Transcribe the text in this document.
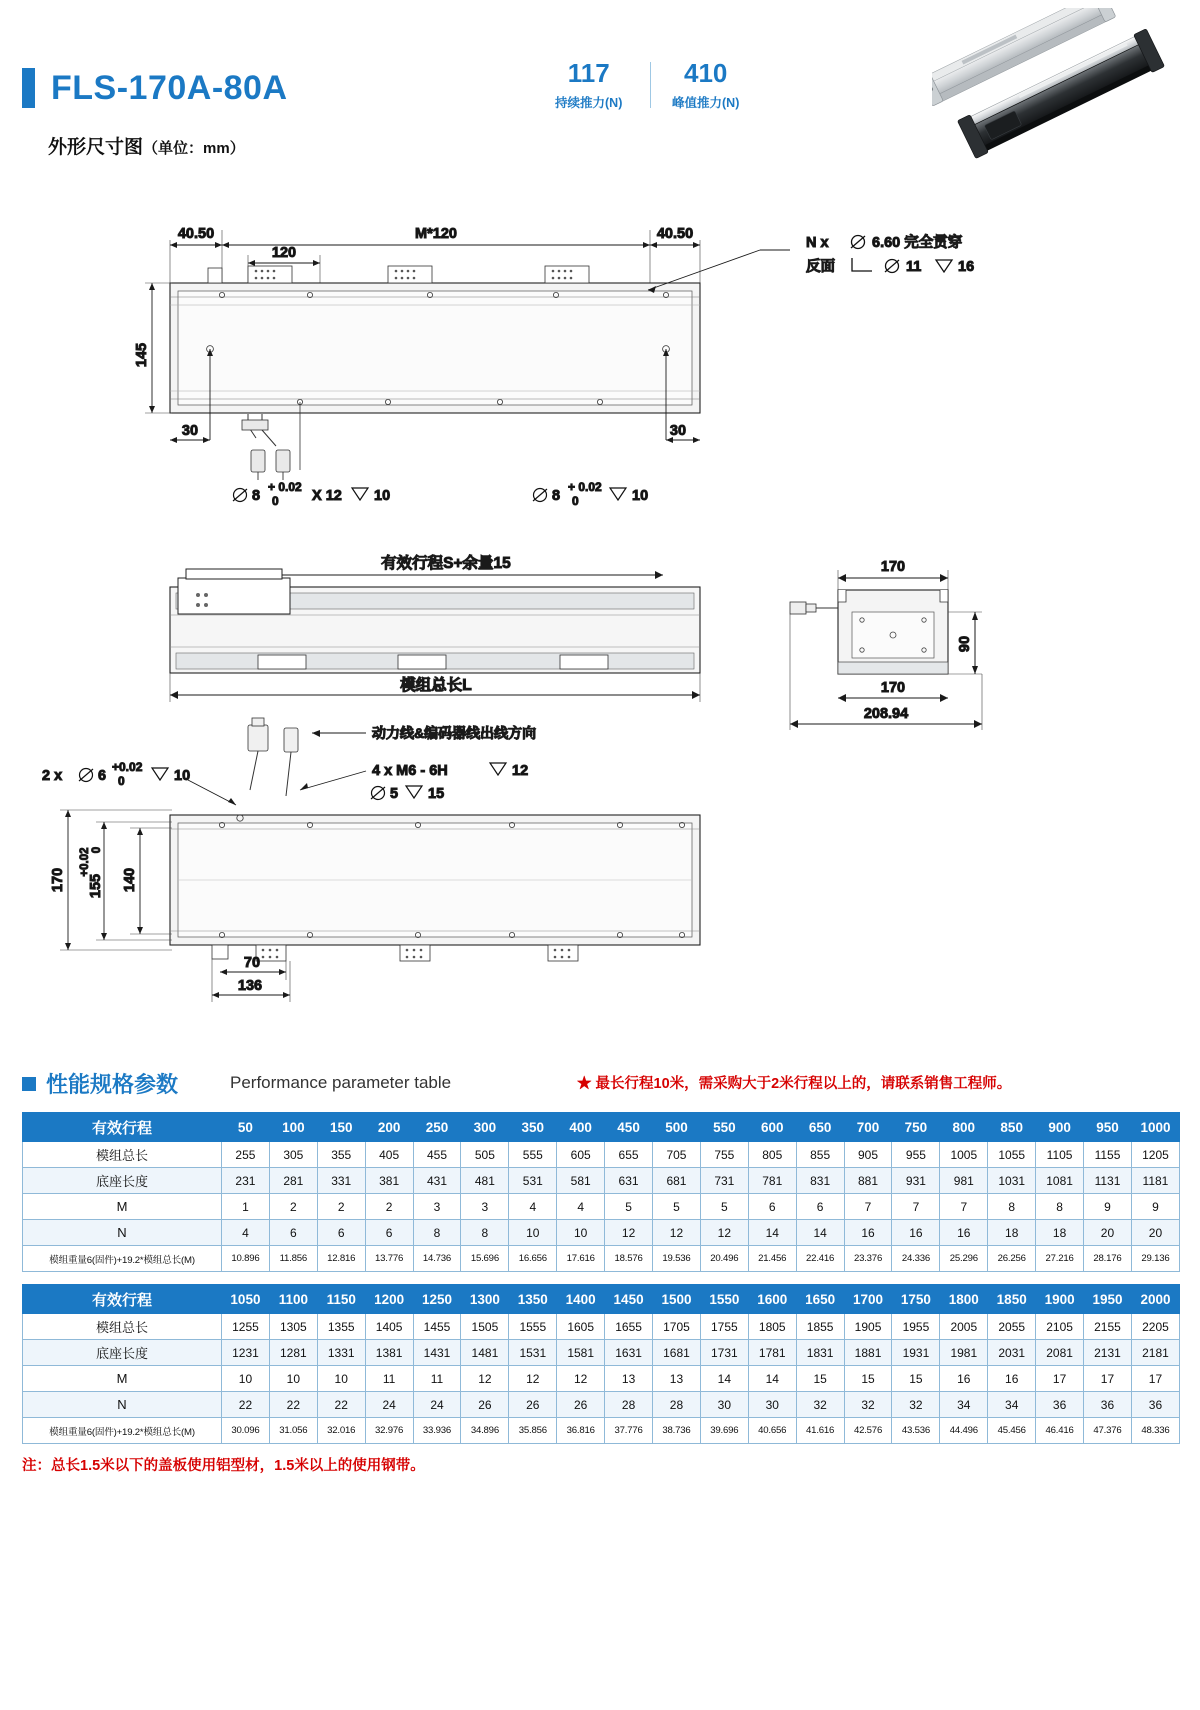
FLS-170A-80A
外形尺寸图（单位：mm）
117
持续推力(N)
410
峰值推力(N)
40.50	M*120	40.50
120
145
30	30
N x	6.60 完全贯穿
反面	11	16
8
+ 0.02
0 X 12 10	8
+ 0.02
0	10
有效行程S+余量15
模组总长L
170
90
170
208.94
2 x 6
+0.02
0	10
动力线&编码器线出线方向
4 x M6 - 6H	12
5 15
170 155
+0.02 0
140
70
136
性能规格参数	Performance parameter table	★ 最长行程10米，需采购大于2米行程以上的，请联系销售工程师。
有效行程	50	100	150	200	250	300	350	400	450	500	550	600	650	700	750	800	850	900	950	1000
模组总长	255	305	355	405	455	505	555	605	655	705	755	805	855	905	955	1005	1055	1105	1155	1205
底座长度	231	281	331	381	431	481	531	581	631	681	731	781	831	881	931	981	1031	1081	1131	1181
M	1	2	2	2	3	3	4	4	5	5	5	6	6	7	7	7	8	8	9	9
N	4	6	6	6	8	8	10	10	12	12	12	14	14	16	16	16	18	18	20	20
模组重量6(固件)+19.2*模组总长(M)	10.896	11.856	12.816	13.776	14.736	15.696	16.656	17.616	18.576	19.536	20.496	21.456	22.416	23.376	24.336	25.296	26.256	27.216	28.176	29.136
有效行程	1050	1100	1150	1200	1250	1300	1350	1400	1450	1500	1550	1600	1650	1700	1750	1800	1850	1900	1950	2000
模组总长	1255	1305	1355	1405	1455	1505	1555	1605	1655	1705	1755	1805	1855	1905	1955	2005	2055	2105	2155	2205
底座长度	1231	1281	1331	1381	1431	1481	1531	1581	1631	1681	1731	1781	1831	1881	1931	1981	2031	2081	2131	2181
M	10	10	10	11	11	12	12	12	13	13	14	14	15	15	15	16	16	17	17	17
N	22	22	22	24	24	26	26	26	28	28	30	30	32	32	32	34	34	36	36	36
模组重量6(固件)+19.2*模组总长(M)	30.096	31.056	32.016	32.976	33.936	34.896	35.856	36.816	37.776	38.736	39.696	40.656	41.616	42.576	43.536	44.496	45.456	46.416	47.376	48.336
注：总长1.5米以下的盖板使用铝型材，1.5米以上的使用钢带。
